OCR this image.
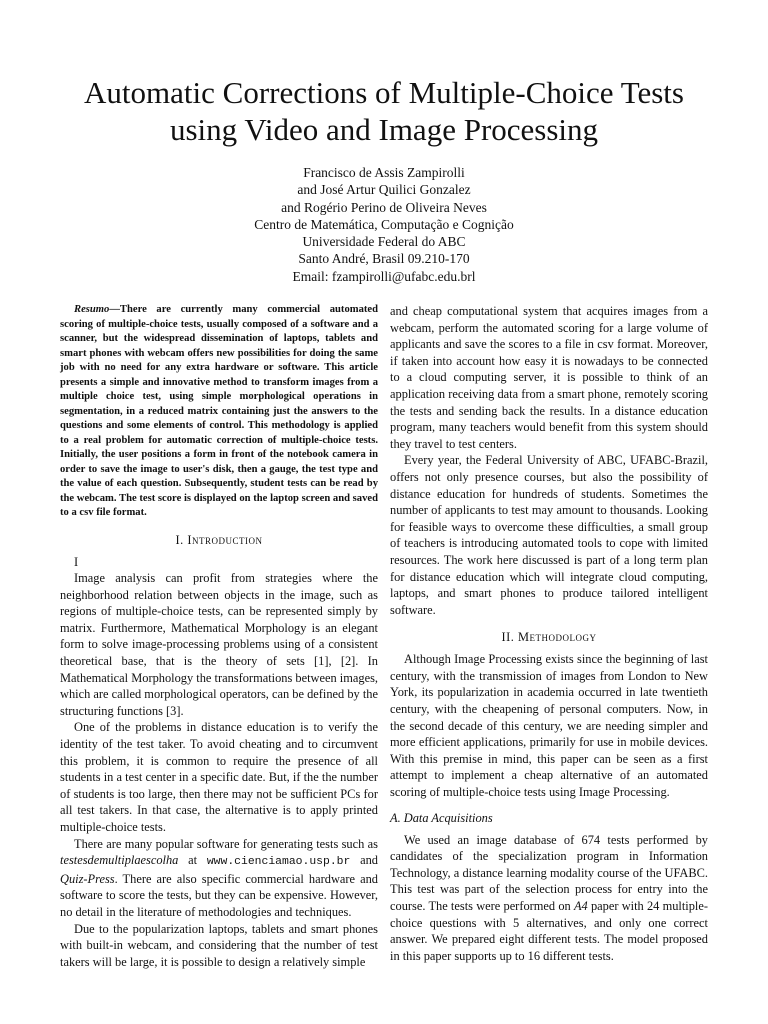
Automatic Corrections of Multiple-Choice Tests
using Video and Image Processing
Francisco de Assis Zampirolli
and José Artur Quilici Gonzalez
and Rogério Perino de Oliveira Neves
Centro de Matemática, Computação e Cognição
Universidade Federal do ABC
Santo André, Brasil 09.210-170
Email: fzampirolli@ufabc.edu.brl

Resumo—There are currently many commercial automated scoring of multiple-choice tests, usually composed of a software and a scanner, but the widespread dissemination of laptops, tablets and smart phones with webcam offers new possibilities for doing the same job with no need for any extra hardware or software. This article presents a simple and innovative method to transform images from a multiple choice test, using simple morphological operations in segmentation, in a reduced matrix containing just the answers to the questions and some elements of control. This methodology is applied to a real problem for automatic correction of multiple-choice tests. Initially, the user positions a form in front of the notebook camera in order to save the image to user's disk, then a gauge, the test type and the value of each question. Subsequently, student tests can be read by the webcam. The test score is displayed on the laptop screen and saved to a csv file format.

I. Introduction

I

Image analysis can profit from strategies where the neighborhood relation between objects in the image, such as regions of multiple-choice tests, can be represented simply by matrix. Furthermore, Mathematical Morphology is an elegant form to solve image-processing problems using of a consistent theoretical base, that is the theory of sets [1], [2]. In Mathematical Morphology the transformations between images, which are called morphological operators, can be defined by the structuring functions [3].

One of the problems in distance education is to verify the identity of the test taker. To avoid cheating and to circumvent this problem, it is common to require the presence of all students in a test center in a specific date. But, if the the number of students is too large, then there may not be sufficient PCs for all test takers. In that case, the alternative is to apply printed multiple-choice tests.

There are many popular software for generating tests such as testesdemultiplaescolha at www.cienciamao.usp.br and Quiz-Press. There are also specific commercial hardware and software to score the tests, but they can be expensive. However, no detail in the literature of methodologies and techniques.

Due to the popularization laptops, tablets and smart phones with built-in webcam, and considering that the number of test takers will be large, it is possible to design a relatively simple

and cheap computational system that acquires images from a webcam, perform the automated scoring for a large volume of applicants and save the scores to a file in csv format. Moreover, if taken into account how easy it is nowadays to be connected to a cloud computing server, it is possible to think of an application receiving data from a smart phone, remotely scoring the tests and sending back the results. In a distance education program, many teachers would benefit from this system should they travel to test centers.

Every year, the Federal University of ABC, UFABC-Brazil, offers not only presence courses, but also the possibility of distance education for hundreds of students. Sometimes the number of applicants to test may amount to thousands. Looking for feasible ways to overcome these difficulties, a small group of teachers is introducing automated tools to cope with limited resources. The work here discussed is part of a long term plan for distance education which will integrate cloud computing, laptops, and smart phones to produce tailored intelligent software.

II. Methodology

Although Image Processing exists since the beginning of last century, with the transmission of images from London to New York, its popularization in academia occurred in late twentieth century, with the cheapening of personal computers. Now, in the second decade of this century, we are needing simpler and more efficient applications, primarily for use in mobile devices. With this premise in mind, this paper can be seen as a first attempt to implement a cheap alternative of an automated scoring of multiple-choice tests using Image Processing.

A. Data Acquisitions

We used an image database of 674 tests performed by candidates of the specialization program in Information Technology, a distance learning modality course of the UFABC. This test was part of the selection process for entry into the course. The tests were performed on A4 paper with 24 multiple-choice questions with 5 alternatives, and only one correct answer. We prepared eight different tests. The model proposed in this paper supports up to 16 different tests.
